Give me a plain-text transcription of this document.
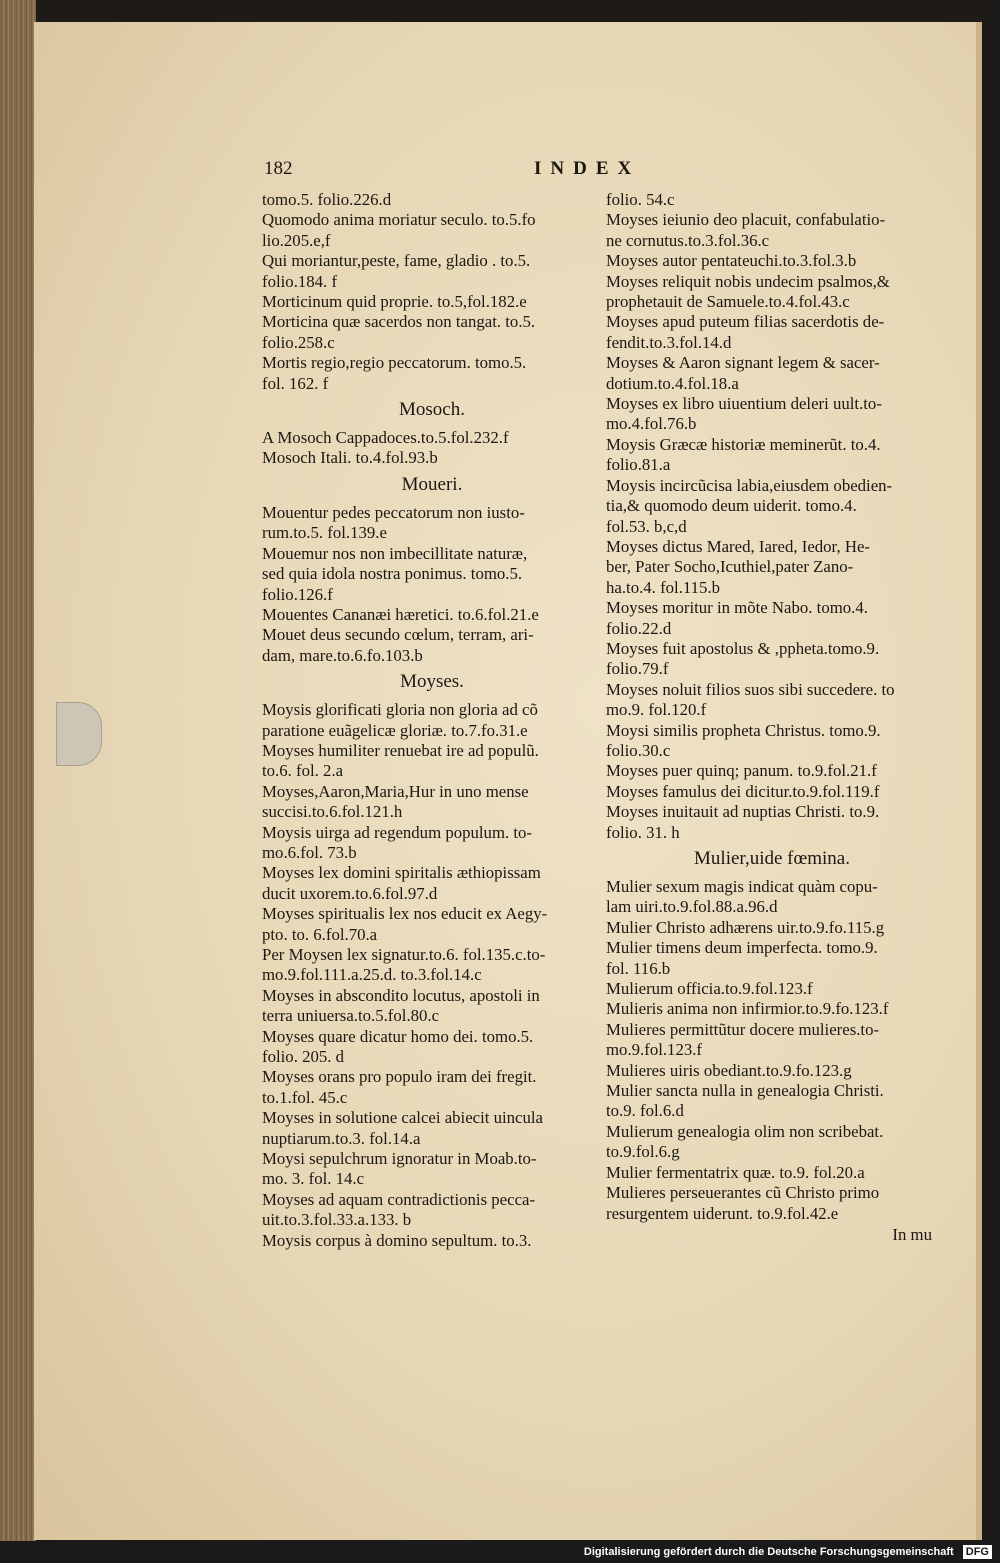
182	INDEX

tomo.5. folio.226.d

Quomodo anima moriatur seculo. to.5.fo
lio.205.e,f

Qui moriantur,peste, fame, gladio . to.5.
folio.184. f

Morticinum quid proprie. to.5,fol.182.e

Morticina quæ sacerdos non tangat. to.5.
folio.258.c

Mortis regio,regio peccatorum. tomo.5.
fol. 162. f

Mosoch.

A Mosoch Cappadoces.to.5.fol.232.f

Mosoch Itali. to.4.fol.93.b

Moueri.

Mouentur pedes peccatorum non iusto-
rum.to.5. fol.139.e

Mouemur nos non imbecillitate naturæ,
sed quia idola nostra ponimus. tomo.5.
folio.126.f

Mouentes Cananæi hæretici. to.6.fol.21.e

Mouet deus secundo cœlum, terram, ari-
dam, mare.to.6.fo.103.b

Moyses.

Moysis glorificati gloria non gloria ad cõ
paratione euãgelicæ gloriæ. to.7.fo.31.e

Moyses humiliter renuebat ire ad populũ.
to.6. fol. 2.a

Moyses,Aaron,Maria,Hur in uno mense
succisi.to.6.fol.121.h

Moysis uirga ad regendum populum. to-
mo.6.fol. 73.b

Moyses lex domini spiritalis æthiopissam
ducit uxorem.to.6.fol.97.d

Moyses spiritualis lex nos educit ex Aegy-
pto. to. 6.fol.70.a

Per Moysen lex signatur.to.6. fol.135.c.to-
mo.9.fol.111.a.25.d. to.3.fol.14.c

Moyses in abscondito locutus, apostoli in
terra uniuersa.to.5.fol.80.c

Moyses quare dicatur homo dei. tomo.5.
folio. 205. d

Moyses orans pro populo iram dei fregit.
to.1.fol. 45.c

Moyses in solutione calcei abiecit uincula
nuptiarum.to.3. fol.14.a

Moysi sepulchrum ignoratur in Moab.to-
mo. 3. fol. 14.c

Moyses ad aquam contradictionis pecca-
uit.to.3.fol.33.a.133. b

Moysis corpus à domino sepultum. to.3.

folio. 54.c

Moyses ieiunio deo placuit, confabulatio-
ne cornutus.to.3.fol.36.c

Moyses autor pentateuchi.to.3.fol.3.b

Moyses reliquit nobis undecim psalmos,&
prophetauit de Samuele.to.4.fol.43.c

Moyses apud puteum filias sacerdotis de-
fendit.to.3.fol.14.d

Moyses & Aaron signant legem & sacer-
dotium.to.4.fol.18.a

Moyses ex libro uiuentium deleri uult.to-
mo.4.fol.76.b

Moysis Græcæ historiæ meminerũt. to.4.
folio.81.a

Moysis incircũcisa labia,eiusdem obedien-
tia,& quomodo deum uiderit. tomo.4.
fol.53. b,c,d

Moyses dictus Mared, Iared, Iedor, He-
ber, Pater Socho,Icuthiel,pater Zano-
ha.to.4. fol.115.b

Moyses moritur in mõte Nabo. tomo.4.
folio.22.d

Moyses fuit apostolus & ,ppheta.tomo.9.
folio.79.f

Moyses noluit filios suos sibi succedere. to
mo.9. fol.120.f

Moysi similis propheta Christus. tomo.9.
folio.30.c

Moyses puer quinq; panum. to.9.fol.21.f

Moyses famulus dei dicitur.to.9.fol.119.f

Moyses inuitauit ad nuptias Christi. to.9.
folio. 31. h

Mulier,uide fœmina.

Mulier sexum magis indicat quàm copu-
lam uiri.to.9.fol.88.a.96.d

Mulier Christo adhærens uir.to.9.fo.115.g

Mulier timens deum imperfecta. tomo.9.
fol. 116.b

Mulierum officia.to.9.fol.123.f

Mulieris anima non infirmior.to.9.fo.123.f

Mulieres permittũtur docere mulieres.to-
mo.9.fol.123.f

Mulieres uiris obediant.to.9.fo.123.g

Mulier sancta nulla in genealogia Christi.
to.9. fol.6.d

Mulierum genealogia olim non scribebat.
to.9.fol.6.g

Mulier fermentatrix quæ. to.9. fol.20.a

Mulieres perseuerantes cũ Christo primo
resurgentem uiderunt. to.9.fol.42.e

In mu
Digitalisierung gefördert durch die Deutsche Forschungsgemeinschaft DFG
